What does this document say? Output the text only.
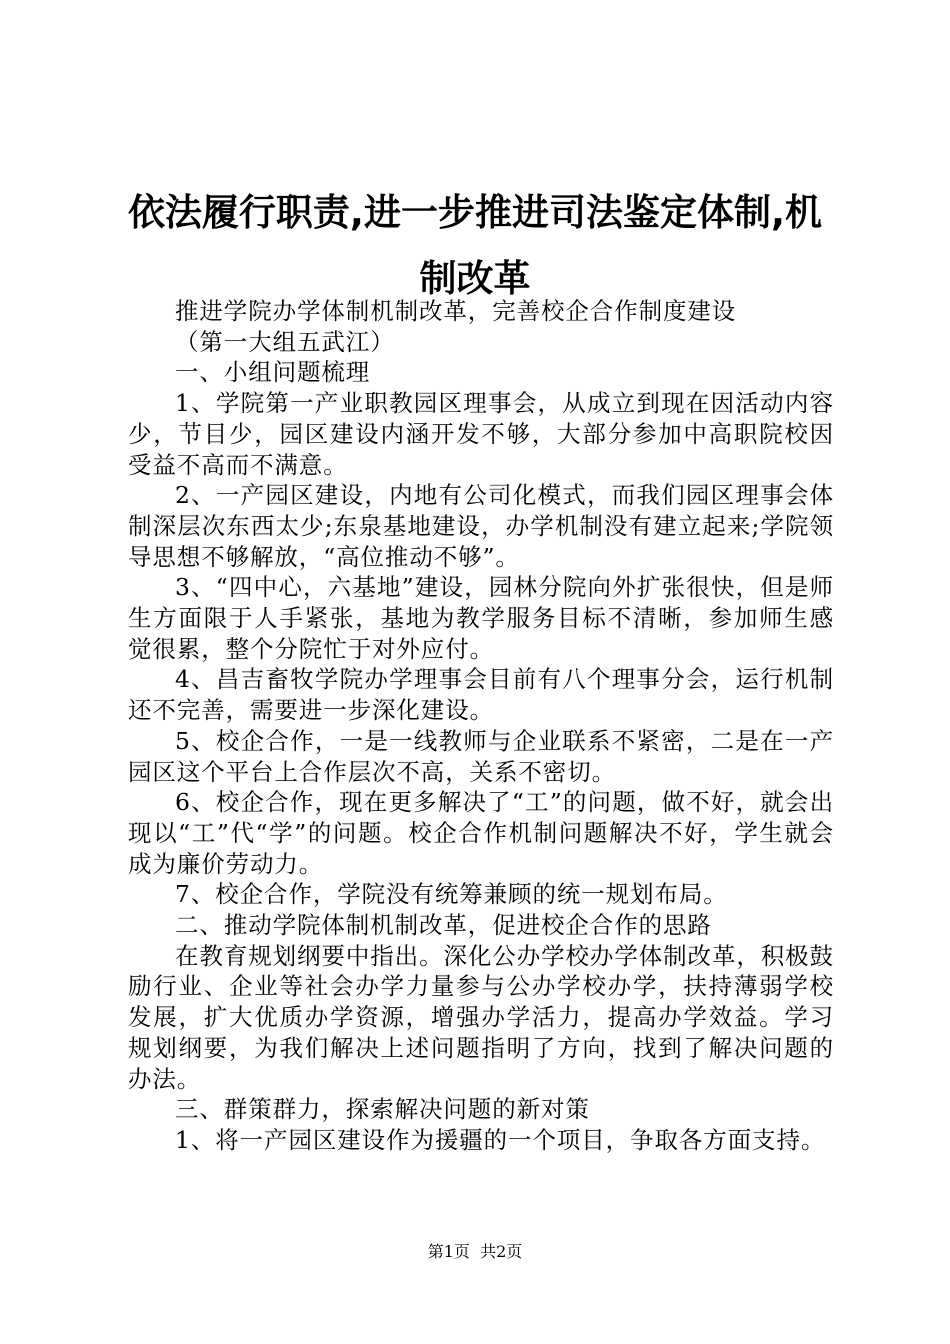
依法履行职责,进一步推进司法鉴定体制,机制改革

推进学院办学体制机制改革，完善校企合作制度建设

（第一大组五武江）

一、小组问题梳理

1、学院第一产业职教园区理事会，从成立到现在因活动内容少，节目少，园区建设内涵开发不够，大部分参加中高职院校因受益不高而不满意。

2、一产园区建设，内地有公司化模式，而我们园区理事会体制深层次东西太少;东泉基地建设，办学机制没有建立起来;学院领导思想不够解放，“高位推动不够”。

3、“四中心，六基地”建设，园林分院向外扩张很快，但是师生方面限于人手紧张，基地为教学服务目标不清晰，参加师生感觉很累，整个分院忙于对外应付。

4、昌吉畜牧学院办学理事会目前有八个理事分会，运行机制还不完善，需要进一步深化建设。

5、校企合作，一是一线教师与企业联系不紧密，二是在一产园区这个平台上合作层次不高，关系不密切。

6、校企合作，现在更多解决了“工”的问题，做不好，就会出现以“工”代“学”的问题。校企合作机制问题解决不好，学生就会成为廉价劳动力。

7、校企合作，学院没有统筹兼顾的统一规划布局。

二、推动学院体制机制改革，促进校企合作的思路

在教育规划纲要中指出。深化公办学校办学体制改革，积极鼓励行业、企业等社会办学力量参与公办学校办学，扶持薄弱学校发展，扩大优质办学资源，增强办学活力，提高办学效益。学习规划纲要，为我们解决上述问题指明了方向，找到了解决问题的办法。

三、群策群力，探索解决问题的新对策

1、将一产园区建设作为援疆的一个项目，争取各方面支持。

第1页  共2页
